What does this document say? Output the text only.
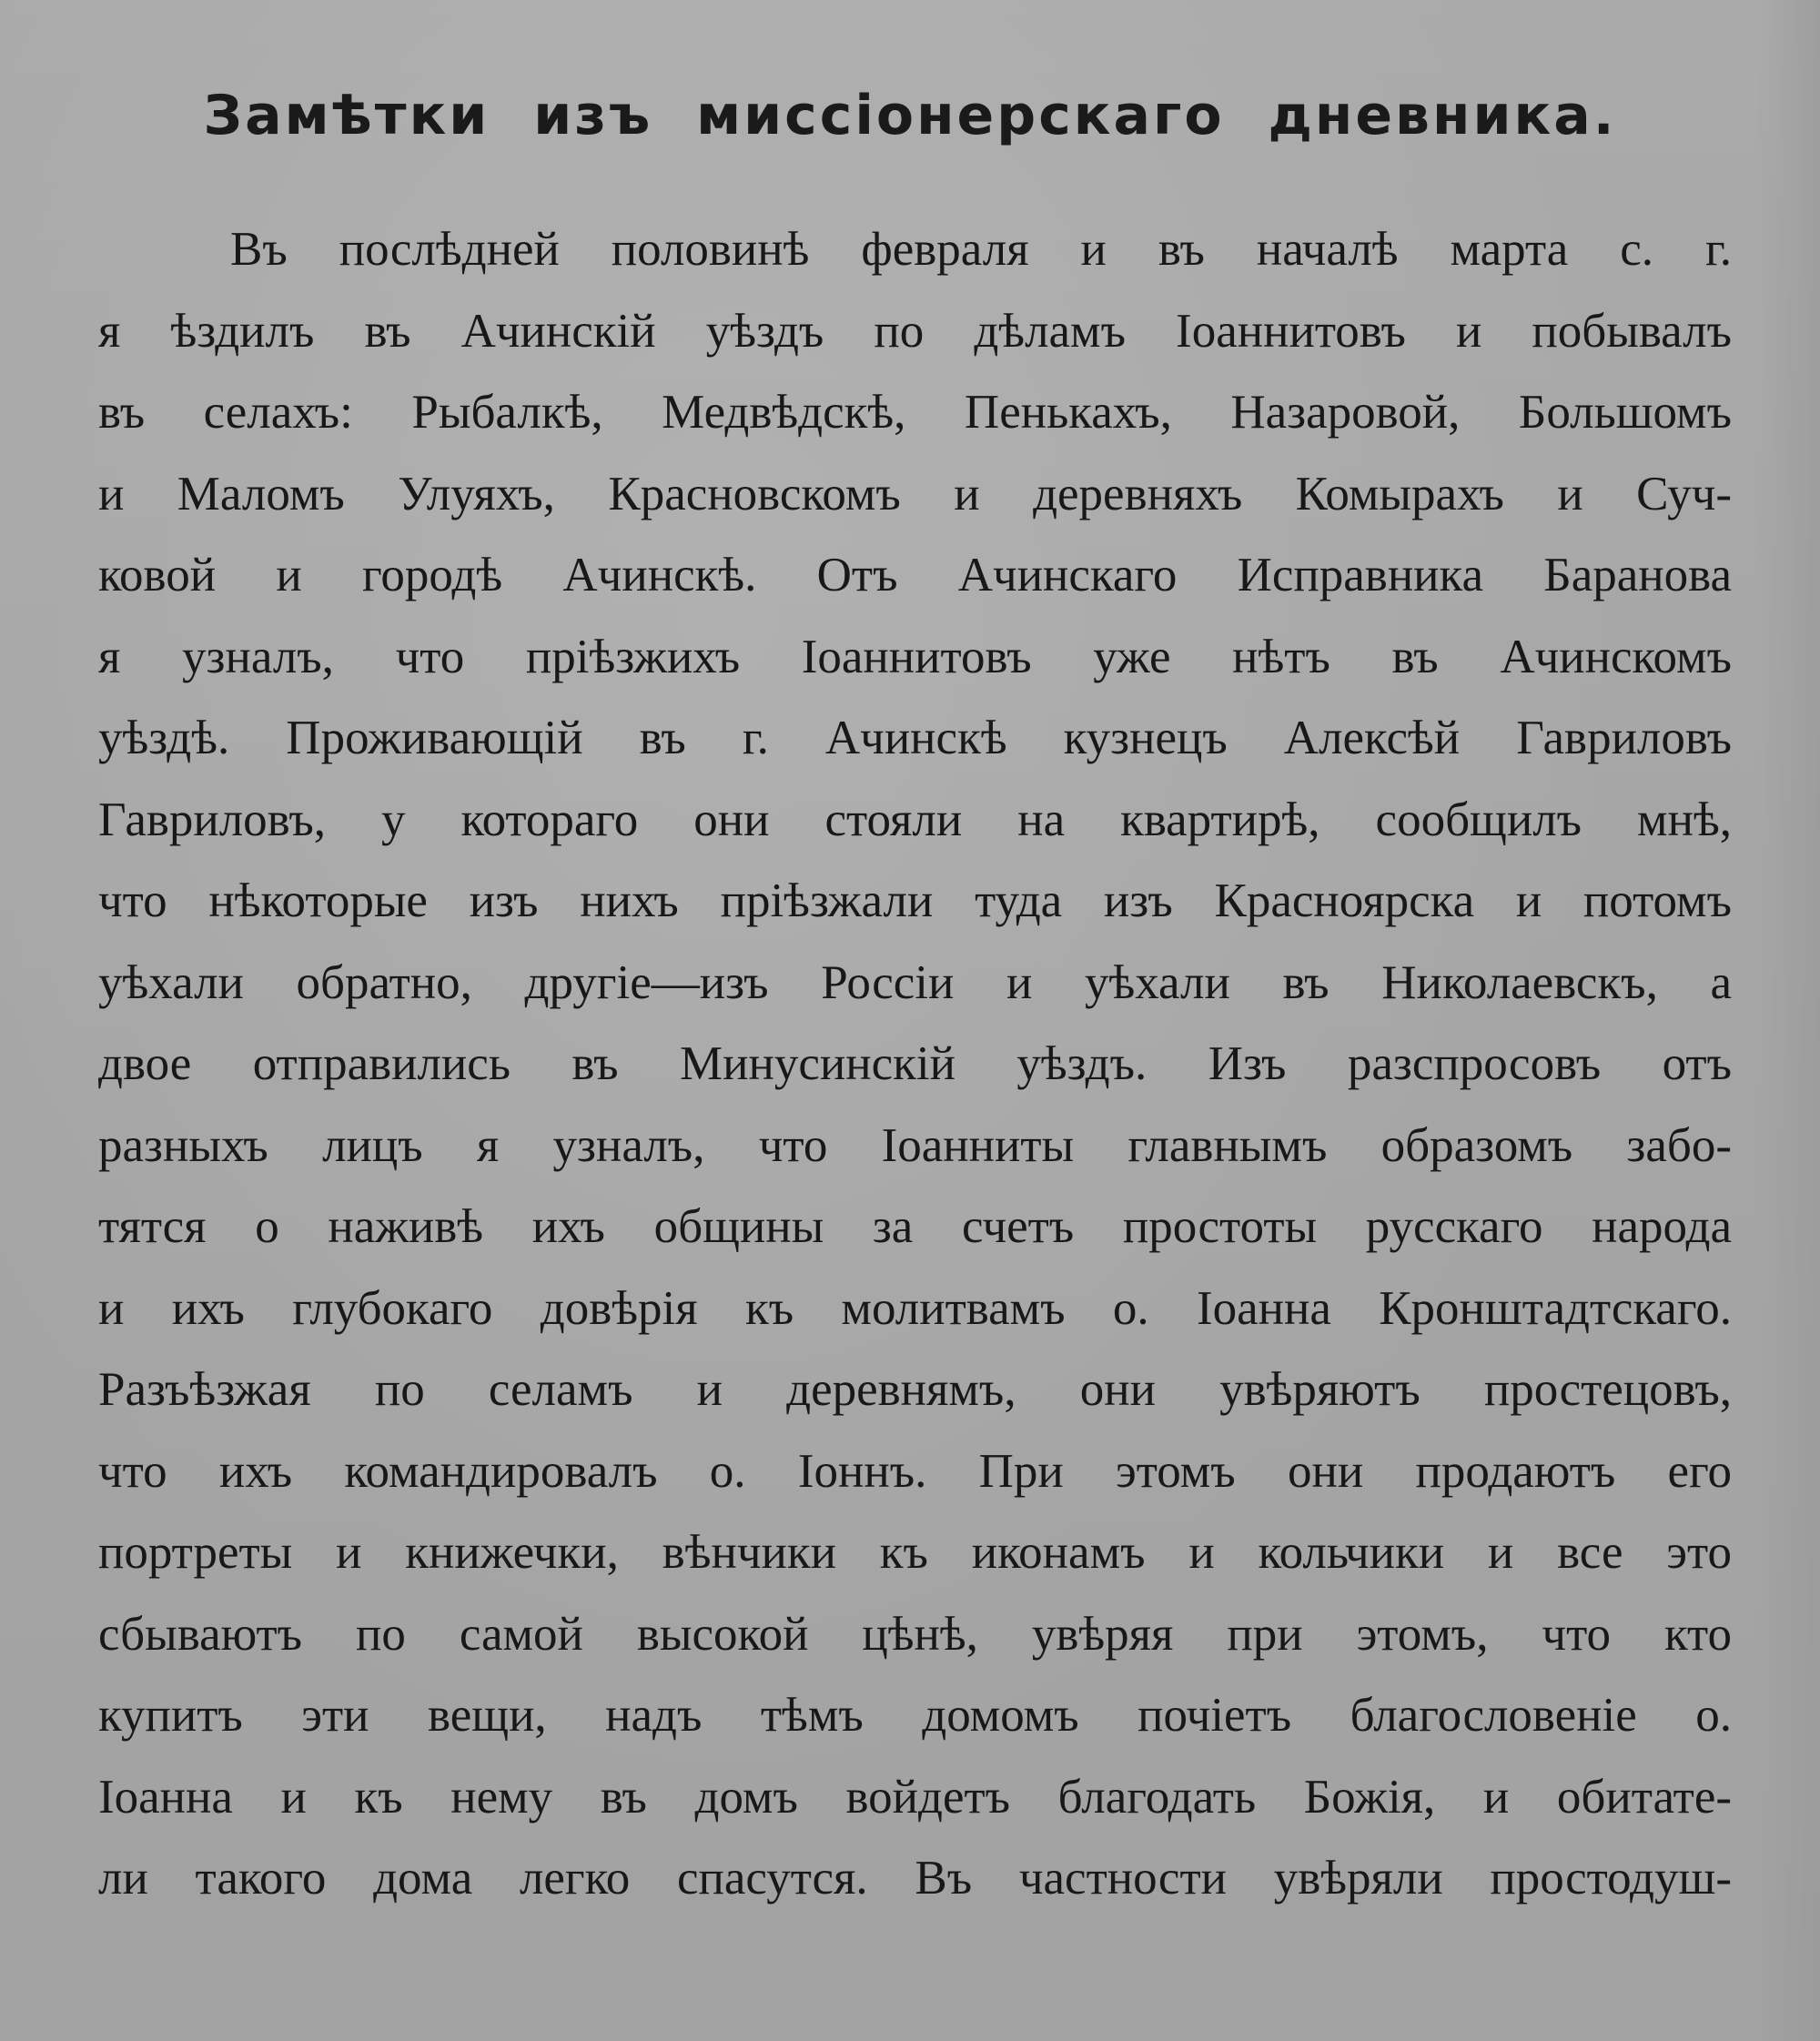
Замѣтки изъ миссіонерскаго дневника.
Въ послѣдней половинѣ февраля и въ началѣ марта с. г.
я ѣздилъ въ Ачинскій уѣздъ по дѣламъ Іоаннитовъ и побывалъ
въ селахъ: Рыбалкѣ, Медвѣдскѣ, Пенькахъ, Назаровой, Большомъ
и Маломъ Улуяхъ, Красновскомъ и деревняхъ Комырахъ и Суч-
ковой и городѣ Ачинскѣ. Отъ Ачинскаго Исправника Баранова
я узналъ, что пріѣзжихъ Іоаннитовъ уже нѣтъ въ Ачинскомъ
уѣздѣ. Проживающій въ г. Ачинскѣ кузнецъ Алексѣй Гавриловъ
Гавриловъ, у котораго они стояли на квартирѣ, сообщилъ мнѣ,
что нѣкоторые изъ нихъ пріѣзжали туда изъ Красноярска и потомъ
уѣхали обратно, другіе—изъ Россіи и уѣхали въ Николаевскъ, а
двое отправились въ Минусинскій уѣздъ. Изъ разспросовъ отъ
разныхъ лицъ я узналъ, что Іоанниты главнымъ образомъ забо-
тятся о наживѣ ихъ общины за счетъ простоты русскаго народа
и ихъ глубокаго довѣрія къ молитвамъ о. Іоанна Кронштадтскаго.
Разъѣзжая по селамъ и деревнямъ, они увѣряютъ простецовъ,
что ихъ командировалъ о. Іоннъ. При этомъ они продаютъ его
портреты и книжечки, вѣнчики къ иконамъ и кольчики и все это
сбываютъ по самой высокой цѣнѣ, увѣряя при этомъ, что кто
купитъ эти вещи, надъ тѣмъ домомъ почіетъ благословеніе о.
Іоанна и къ нему въ домъ войдетъ благодать Божія, и обитате-
ли такого дома легко спасутся. Въ частности увѣряли простодуш-
